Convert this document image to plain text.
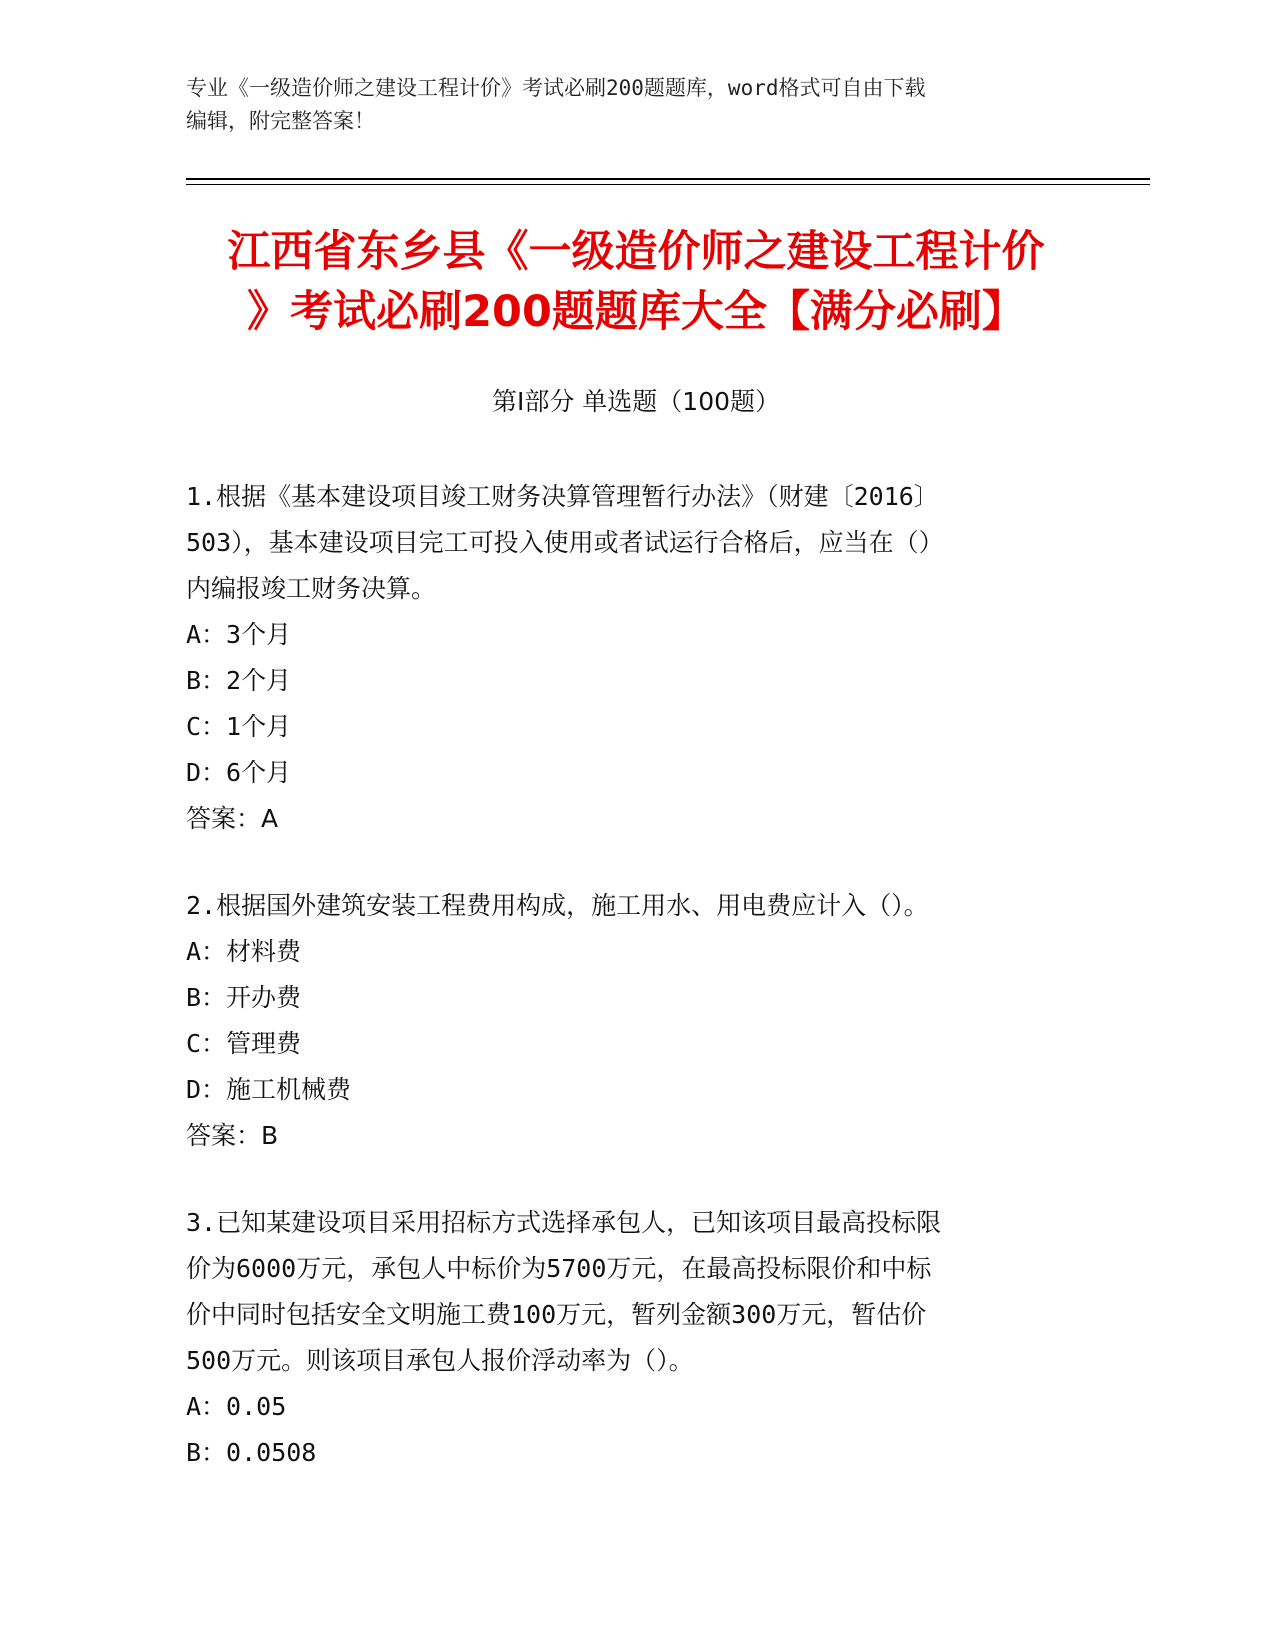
专业《一级造价师之建设工程计价》考试必刷200题题库，word格式可自由下载
编辑，附完整答案！
江西省东乡县《一级造价师之建设工程计价
》考试必刷200题题库大全【满分必刷】
第Ⅰ部分 单选题（100题）

1.根据《基本建设项目竣工财务决算管理暂行办法》（财建〔2016〕

503），基本建设项目完工可投入使用或者试运行合格后，应当在（）

内编报竣工财务决算。

A：3个月

B：2个月

C：1个月

D：6个月

答案：A

2.根据国外建筑安装工程费用构成，施工用水、用电费应计入（）。

A：材料费

B：开办费

C：管理费

D：施工机械费

答案：B

3.已知某建设项目采用招标方式选择承包人，已知该项目最高投标限

价为6000万元，承包人中标价为5700万元，在最高投标限价和中标

价中同时包括安全文明施工费100万元，暂列金额300万元，暂估价

500万元。则该项目承包人报价浮动率为（）。

A：0.05

B：0.0508
